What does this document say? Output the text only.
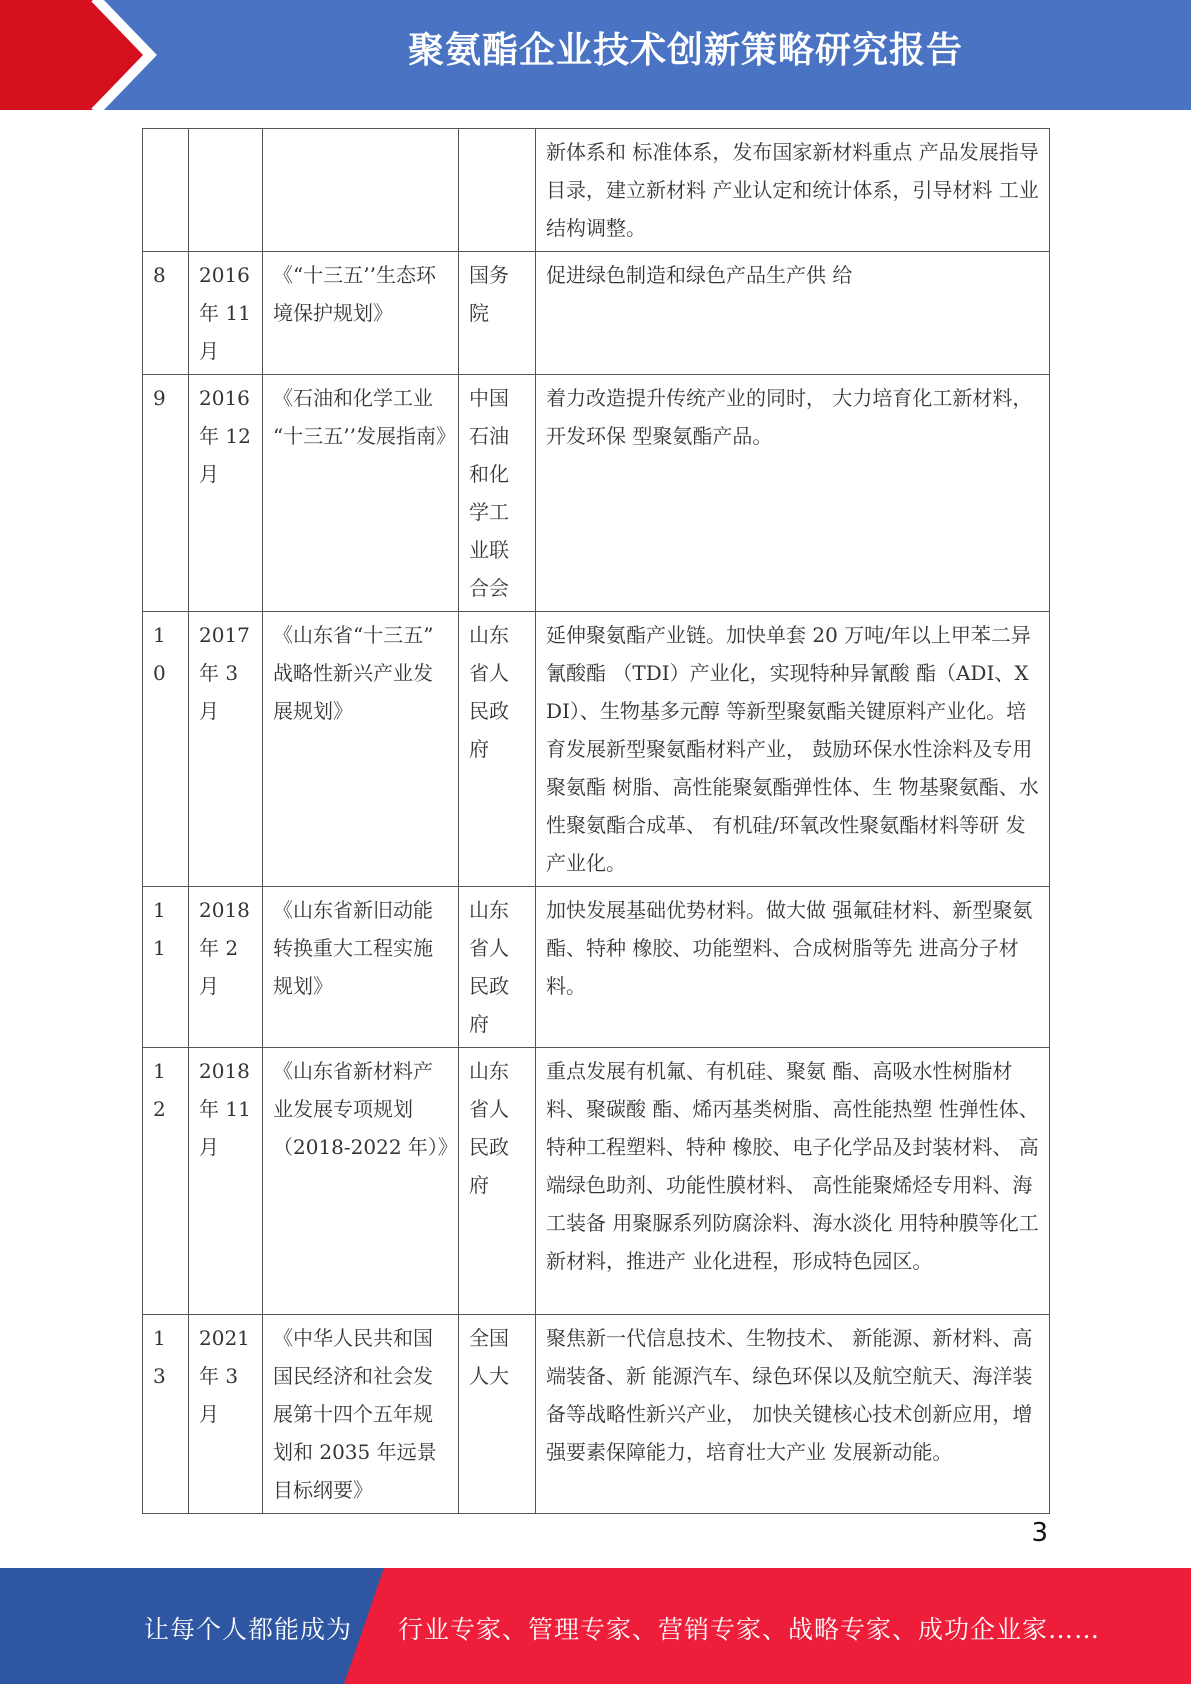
聚氨酯企业技术创新策略研究报告
				新体系和 标准体系，发布国家新材料重点 产品发展指导目录，建立新材料 产业认定和统计体系，引导材料 工业结构调整。
8	2016 年 11 月	《“十三五’’生态环 境保护规划》	国务院	促进绿色制造和绿色产品生产供 给
9	2016 年 12 月	《石油和化学工业 “十三五’’发展指南》	中国石油和化学工业联合会	着力改造提升传统产业的同时， 大力培育化工新材料，开发环保 型聚氨酯产品。
10	2017 年 3 月	《山东省“十三五” 战略性新兴产业发 展规划》	山东省人民政府	延伸聚氨酯产业链。加快单套 20 万吨/年以上甲苯二异氰酸酯 （TDI）产业化，实现特种异氰酸 酯（ADI、XDI）、生物基多元醇 等新型聚氨酯关键原料产业化。培育发展新型聚氨酯材料产业， 鼓励环保水性涂料及专用聚氨酯 树脂、高性能聚氨酯弹性体、生 物基聚氨酯、水性聚氨酯合成革、 有机硅/环氧改性聚氨酯材料等研 发产业化。
11	2018 年 2 月	《山东省新旧动能转换重大工程实施规划》	山东省人民政府	加快发展基础优势材料。做大做 强氟硅材料、新型聚氨酯、特种 橡胶、功能塑料、合成树脂等先 进高分子材料。
12	2018 年 11 月	《山东省新材料产业发展专项规划 （2018-2022 年）》	山东省人民政府	重点发展有机氟、有机硅、聚氨 酯、高吸水性树脂材料、聚碳酸 酯、烯丙基类树脂、高性能热塑 性弹性体、特种工程塑料、特种 橡胶、电子化学品及封装材料、 高端绿色助剂、功能性膜材料、 高性能聚烯烃专用料、海工装备 用聚脲系列防腐涂料、海水淡化 用特种膜等化工新材料，推进产 业化进程，形成特色园区。
13	2021 年 3 月	《中华人民共和国国民经济和社会发展第十四个五年规划和 2035 年远景目标纲要》	全国人大	聚焦新一代信息技术、生物技术、 新能源、新材料、高端装备、新 能源汽车、绿色环保以及航空航天、海洋装备等战略性新兴产业， 加快关键核心技术创新应用，增 强要素保障能力，培育壮大产业 发展新动能。
3
让每个人都能成为 行业专家、管理专家、营销专家、战略专家、成功企业家……
